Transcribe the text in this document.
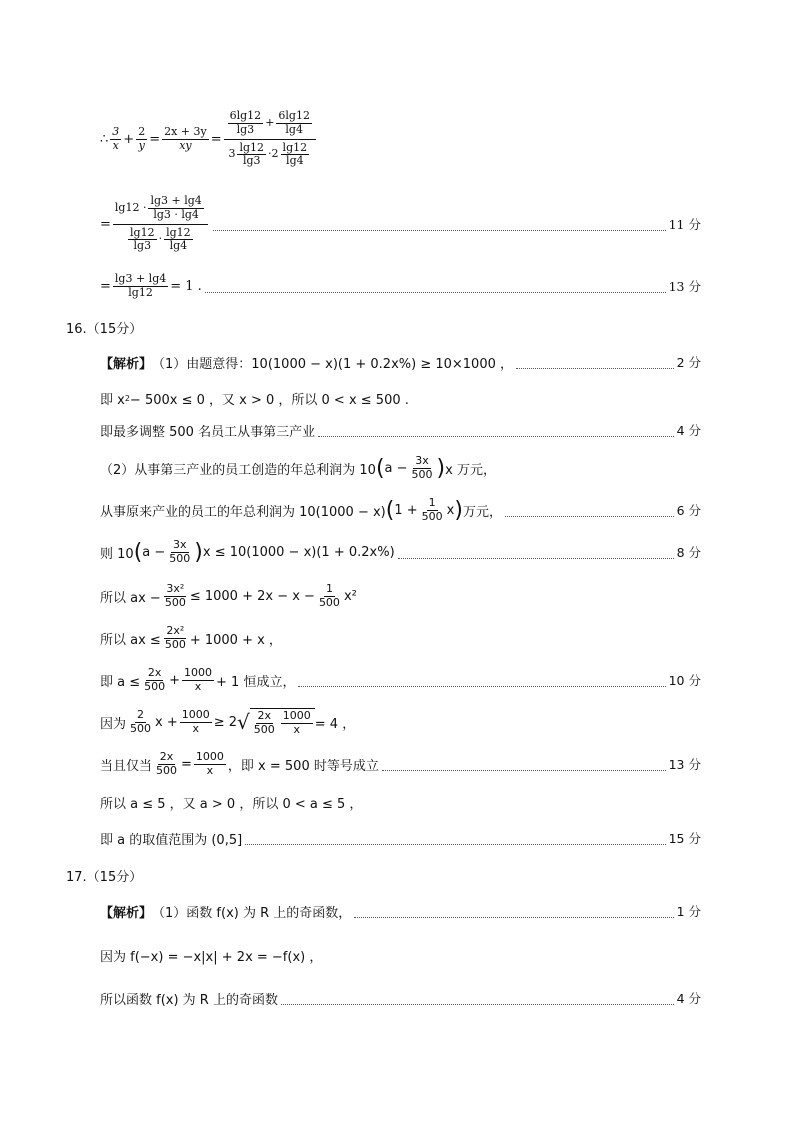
∴ $\frac{3}{x} + \frac{2}{y} = \frac{2x + 3y}{xy} = \frac{\frac{6\lg 12}{\lg 3} + \frac{6\lg 12}{\lg 4}}{3 \frac{\lg 12}{\lg 3} \cdot 2 \frac{\lg 12}{\lg 4}}$
= $\frac{\lg 12 \cdot \frac{\lg 3 + \lg 4}{\lg 3 \cdot \lg 4}}{\frac{\lg 12}{\lg 3} \cdot \frac{\lg 12}{\lg 4}}$	11 分
= $\frac{\lg 3 + \lg 4}{\lg 12} = 1$ .	13 分
16.（15分）
【解析】 （1）由题意得：10(1000 − x)(1 + 0.2x%) ≥ 10×1000 ，	2 分
即 x 2 − 500x ≤ 0 ，又 x > 0 ，所以 0 < x ≤ 500 .
即最多调整 500 名员工从事第三产业	4 分
（2）从事第三产业的员工创造的年总利润为 10 ( $a - \frac{3x}{500}$ ) x 万元，
从事原来产业的员工的年总利润为 10(1000 − x) ( $1 + \frac{1}{500}$ x ) 万元，	6 分
则 10 ( $a - \frac{3x}{500}$ ) x ≤ 10(1000 − x)(1 + 0.2x%)	8 分
所以 ax − $\frac{\text{3x²}}{500} \le 1000 + 2x - x - \frac{1}{500} x^2$
所以 ax ≤ $\frac{\text{2x²}}{500} + 1000 + x$ ，
即 $a \le \frac{2x}{500} + \frac{1000}{x} + 1$ 恒成立，	10 分
因为 $\frac{2}{500}$ $x + \frac{1000}{x} \ge 2$ √ $\frac{2x}{500} \frac{1000}{x} = 4$ ，
当且仅当 $\frac{2x}{500} = \frac{1000}{x}$ ，即 x = 500 时等号成立	13 分
所以 a ≤ 5 ，又 a > 0 ，所以 0 < a ≤ 5 ，
即 a 的取值范围为 (0,5]	15 分
17.（15分）
【解析】 （1）函数 f(x) 为 R 上的奇函数，	1 分
因为 f(−x) = −x|x| + 2x = −f(x) ，
所以函数 f(x) 为 R 上的奇函数	4 分
